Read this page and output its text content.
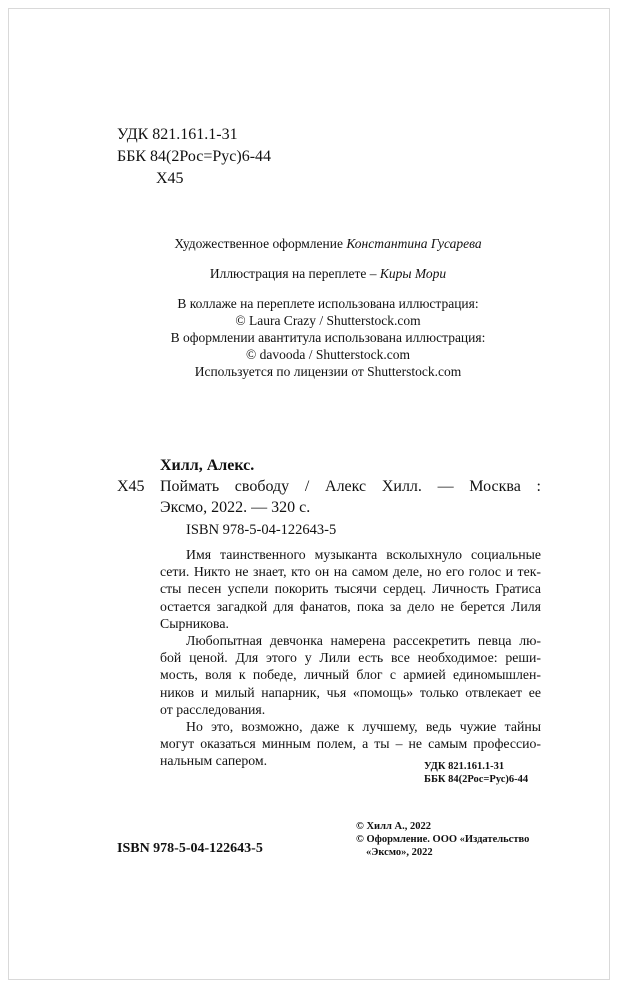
УДК 821.161.1-31
ББК 84(2Рос=Рус)6-44
Х45
Художественное оформление Константина Гусарева
Иллюстрация на переплете – Киры Мори
В коллаже на переплете использована иллюстрация:
© Laura Crazy / Shutterstock.com
В оформлении авантитула использована иллюстрация:
© davooda / Shutterstock.com
Используется по лицензии от Shutterstock.com
Хилл, Алекс.
Х45 Поймать свободу / Алекс Хилл. — Москва :
Эксмо, 2022. — 320 с.
ISBN 978-5-04-122643-5
Имя таинственного музыканта всколыхнуло социальные
сети. Никто не знает, кто он на самом деле, но его голос и тек-
сты песен успели покорить тысячи сердец. Личность Гратиса
остается загадкой для фанатов, пока за дело не берется Лиля
Сырникова.
Любопытная девчонка намерена рассекретить певца лю-
бой ценой. Для этого у Лили есть все необходимое: реши-
мость, воля к победе, личный блог с армией единомышлен-
ников и милый напарник, чья «помощь» только отвлекает ее
от расследования.
Но это, возможно, даже к лучшему, ведь чужие тайны
могут оказаться минным полем, а ты – не самым профессио-
нальным сапером.	УДК 821.161.1-31
ББК 84(2Рос=Рус)6-44
ISBN 978-5-04-122643-5
© Хилл А., 2022
© Оформление. ООО «Издательство
«Эксмо», 2022
